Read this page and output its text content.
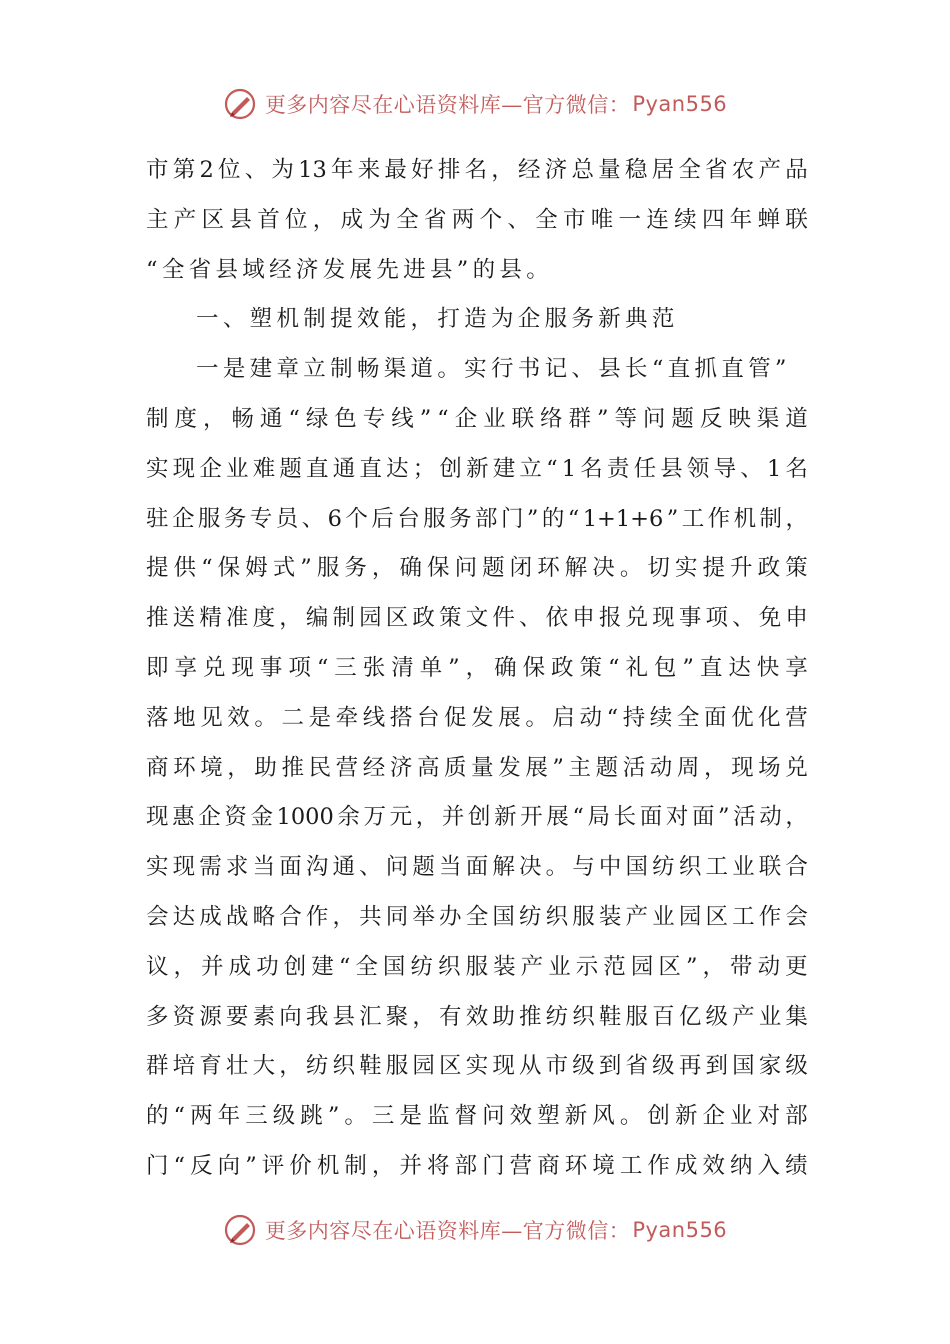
更多内容尽在心语资料库—官方微信： Pyan556
市 第 2 位 、 为 13 年 来 最 好 排 名 ， 经 济 总 量 稳 居 全 省 农 产 品
主 产 区 县 首 位 ， 成 为 全 省 两 个 、 全 市 唯 一 连 续 四 年 蝉 联
“ 全 省 县 域 经 济 发 展 先 进 县 ” 的 县 。
一 、 塑 机 制 提 效 能 ， 打 造 为 企 服 务 新 典 范
一 是 建 章 立 制 畅 渠 道 。 实 行 书 记 、 县 长 “ 直 抓 直 管 ”
制 度 ， 畅 通 “ 绿 色 专 线 ” “ 企 业 联 络 群 ” 等 问 题 反 映 渠 道
实 现 企 业 难 题 直 通 直 达 ； 创 新 建 立 “ 1 名 责 任 县 领 导 、 1 名
驻 企 服 务 专 员 、 6 个 后 台 服 务 部 门 ” 的 “ 1+1+6 ” 工 作 机 制 ，
提 供 “ 保 姆 式 ” 服 务 ， 确 保 问 题 闭 环 解 决 。 切 实 提 升 政 策
推 送 精 准 度 ， 编 制 园 区 政 策 文 件 、 依 申 报 兑 现 事 项 、 免 申
即 享 兑 现 事 项 “ 三 张 清 单 ” ， 确 保 政 策 “ 礼 包 ” 直 达 快 享
落 地 见 效 。 二 是 牵 线 搭 台 促 发 展 。 启 动 “ 持 续 全 面 优 化 营
商 环 境 ， 助 推 民 营 经 济 高 质 量 发 展 ” 主 题 活 动 周 ， 现 场 兑
现 惠 企 资 金 1000 余 万 元 ， 并 创 新 开 展 “ 局 长 面 对 面 ” 活 动 ，
实 现 需 求 当 面 沟 通 、 问 题 当 面 解 决 。 与 中 国 纺 织 工 业 联 合
会 达 成 战 略 合 作 ， 共 同 举 办 全 国 纺 织 服 装 产 业 园 区 工 作 会
议 ， 并 成 功 创 建 “ 全 国 纺 织 服 装 产 业 示 范 园 区 ” ， 带 动 更
多 资 源 要 素 向 我 县 汇 聚 ， 有 效 助 推 纺 织 鞋 服 百 亿 级 产 业 集
群 培 育 壮 大 ， 纺 织 鞋 服 园 区 实 现 从 市 级 到 省 级 再 到 国 家 级
的 “ 两 年 三 级 跳 ” 。 三 是 监 督 问 效 塑 新 风 。 创 新 企 业 对 部
门 “ 反 向 ” 评 价 机 制 ， 并 将 部 门 营 商 环 境 工 作 成 效 纳 入 绩
更多内容尽在心语资料库—官方微信： Pyan556
